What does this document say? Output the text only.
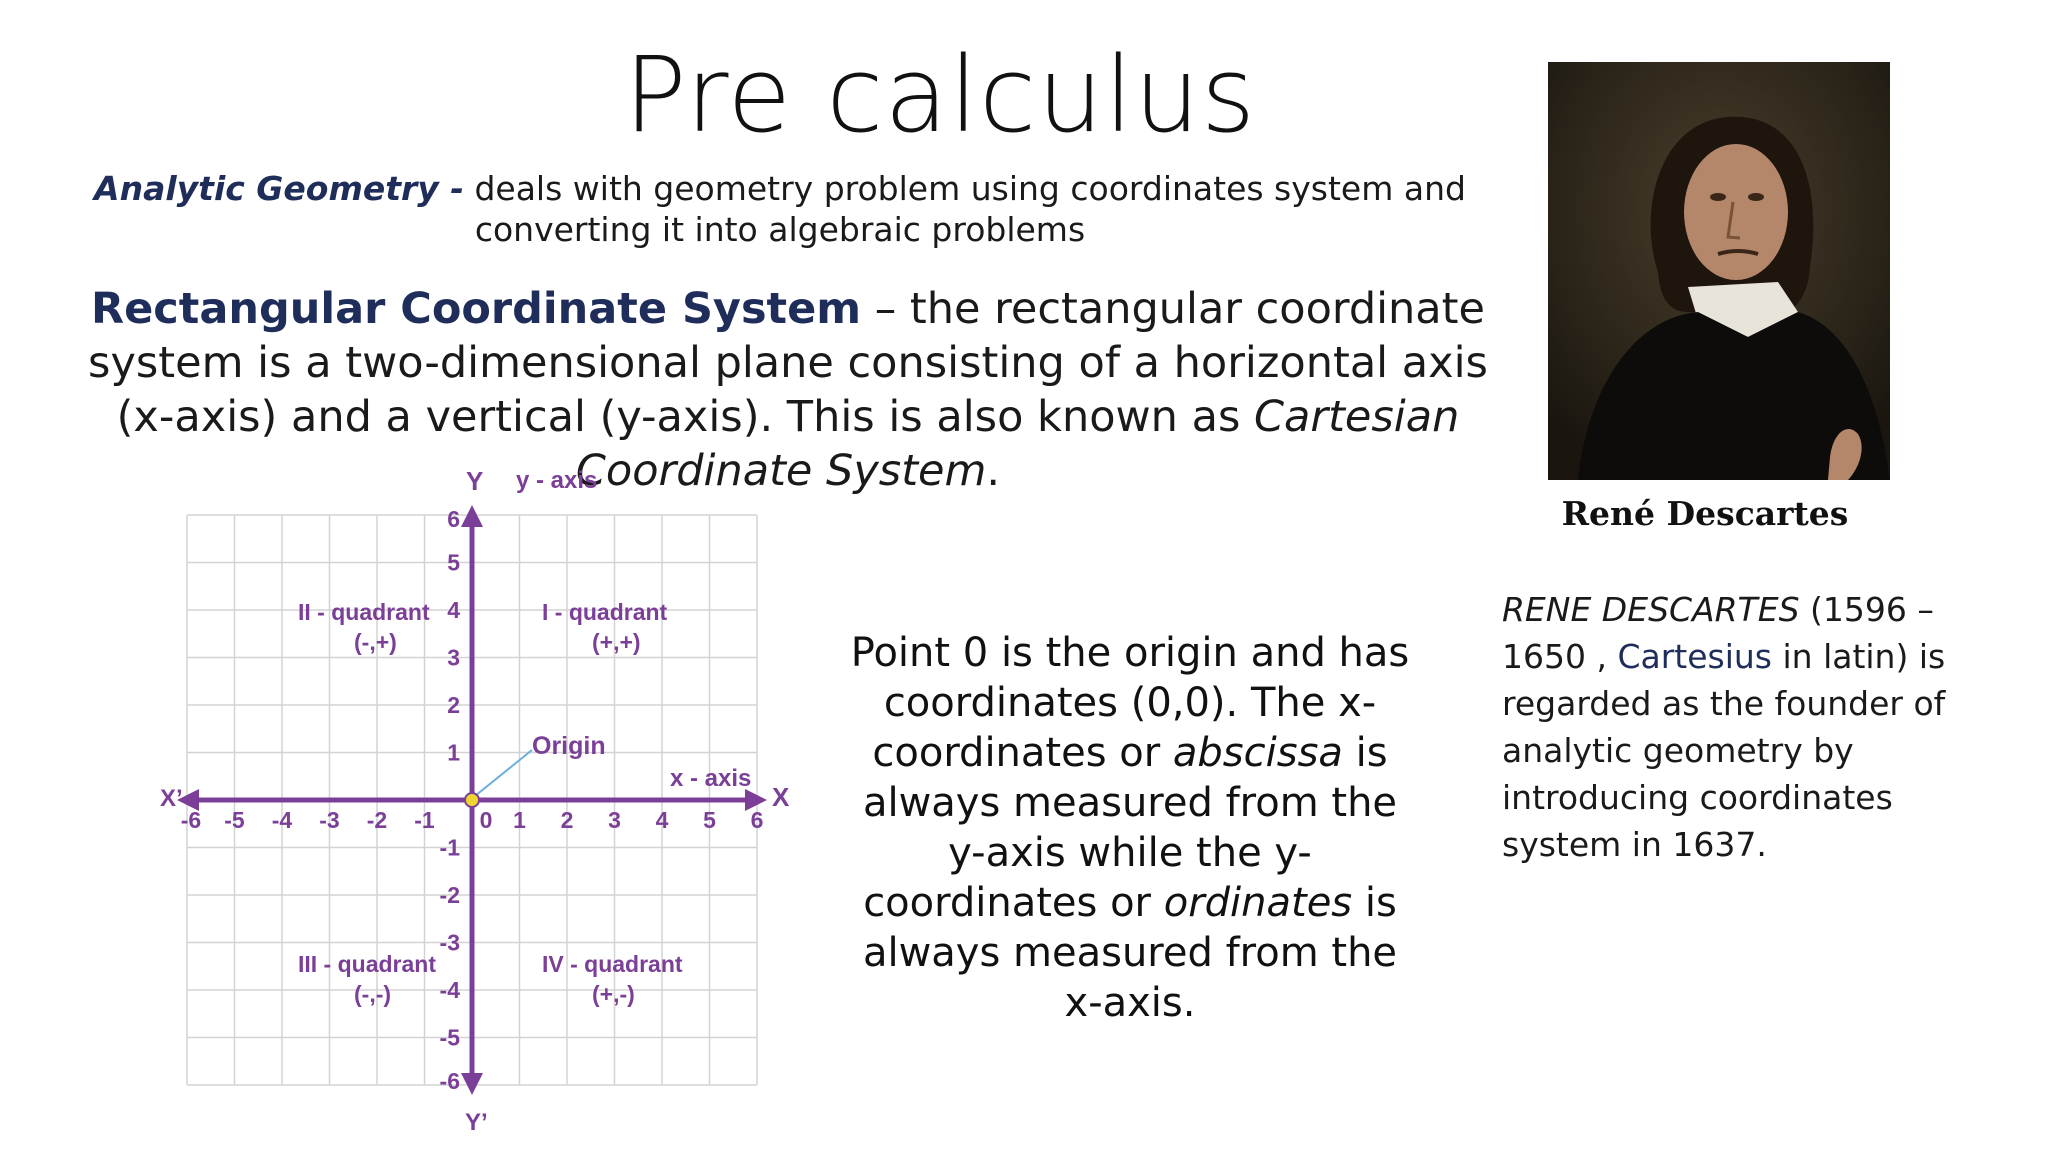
Pre calculus
Analytic Geometry - deals with geometry problem using coordinates system and converting it into algebraic problems
Rectangular Coordinate System – the rectangular coordinate system is a two-dimensional plane consisting of a horizontal axis (x-axis) and a vertical (y-axis). This is also known as Cartesian Coordinate System.
René Descartes
RENE DESCARTES (1596 – 1650 , Cartesius in latin) is regarded as the founder of analytic geometry by introducing coordinates system in 1637.
Point 0 is the origin and has coordinates (0,0). The x-coordinates or abscissa is always measured from the y-axis while the y-coordinates or ordinates is always measured from the x-axis.
-6 -5 -4 -3 -2 -1 0 1 2 3 4 5 6
6
5
4
3
2
1
-1
-2
-3
-4
-5
-6
Y y - axis
X
x - axis
X’
Y’
Origin
II - quadrant
(-,+)
I - quadrant
(+,+)
III - quadrant
(-,-)
IV - quadrant
(+,-)
